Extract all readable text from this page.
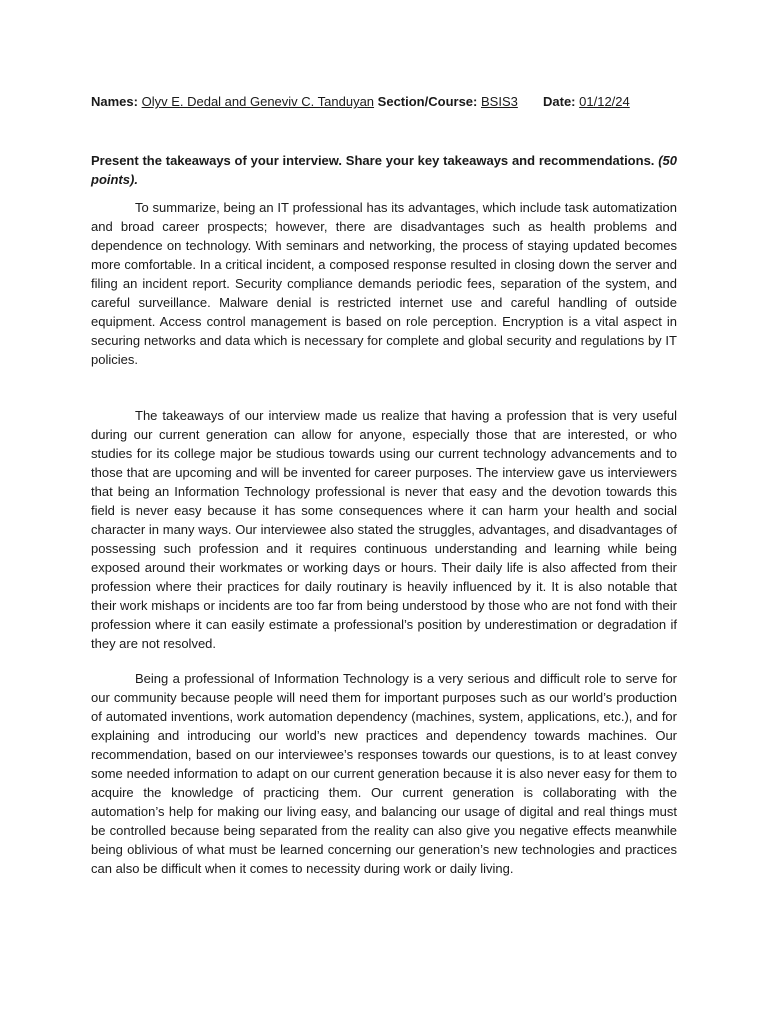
Names: Olyv E. Dedal and Geneviv C. Tanduyan Section/Course: BSIS3 Date: 01/12/24
Present the takeaways of your interview. Share your key takeaways and recommendations. (50 points).

To summarize, being an IT professional has its advantages, which include task automatization and broad career prospects; however, there are disadvantages such as health problems and dependence on technology. With seminars and networking, the process of staying updated becomes more comfortable. In a critical incident, a composed response resulted in closing down the server and filing an incident report. Security compliance demands periodic fees, separation of the system, and careful surveillance. Malware denial is restricted internet use and careful handling of outside equipment. Access control management is based on role perception. Encryption is a vital aspect in securing networks and data which is necessary for complete and global security and regulations by IT policies.

The takeaways of our interview made us realize that having a profession that is very useful during our current generation can allow for anyone, especially those that are interested, or who studies for its college major be studious towards using our current technology advancements and to those that are upcoming and will be invented for career purposes. The interview gave us interviewers that being an Information Technology professional is never that easy and the devotion towards this field is never easy because it has some consequences where it can harm your health and social character in many ways. Our interviewee also stated the struggles, advantages, and disadvantages of possessing such profession and it requires continuous understanding and learning while being exposed around their workmates or working days or hours. Their daily life is also affected from their profession where their practices for daily routinary is heavily influenced by it. It is also notable that their work mishaps or incidents are too far from being understood by those who are not fond with their profession where it can easily estimate a professional’s position by underestimation or degradation if they are not resolved.

Being a professional of Information Technology is a very serious and difficult role to serve for our community because people will need them for important purposes such as our world’s production of automated inventions, work automation dependency (machines, system, applications, etc.), and for explaining and introducing our world’s new practices and dependency towards machines. Our recommendation, based on our interviewee’s responses towards our questions, is to at least convey some needed information to adapt on our current generation because it is also never easy for them to acquire the knowledge of practicing them. Our current generation is collaborating with the automation’s help for making our living easy, and balancing our usage of digital and real things must be controlled because being separated from the reality can also give you negative effects meanwhile being oblivious of what must be learned concerning our generation’s new technologies and practices can also be difficult when it comes to necessity during work or daily living.
